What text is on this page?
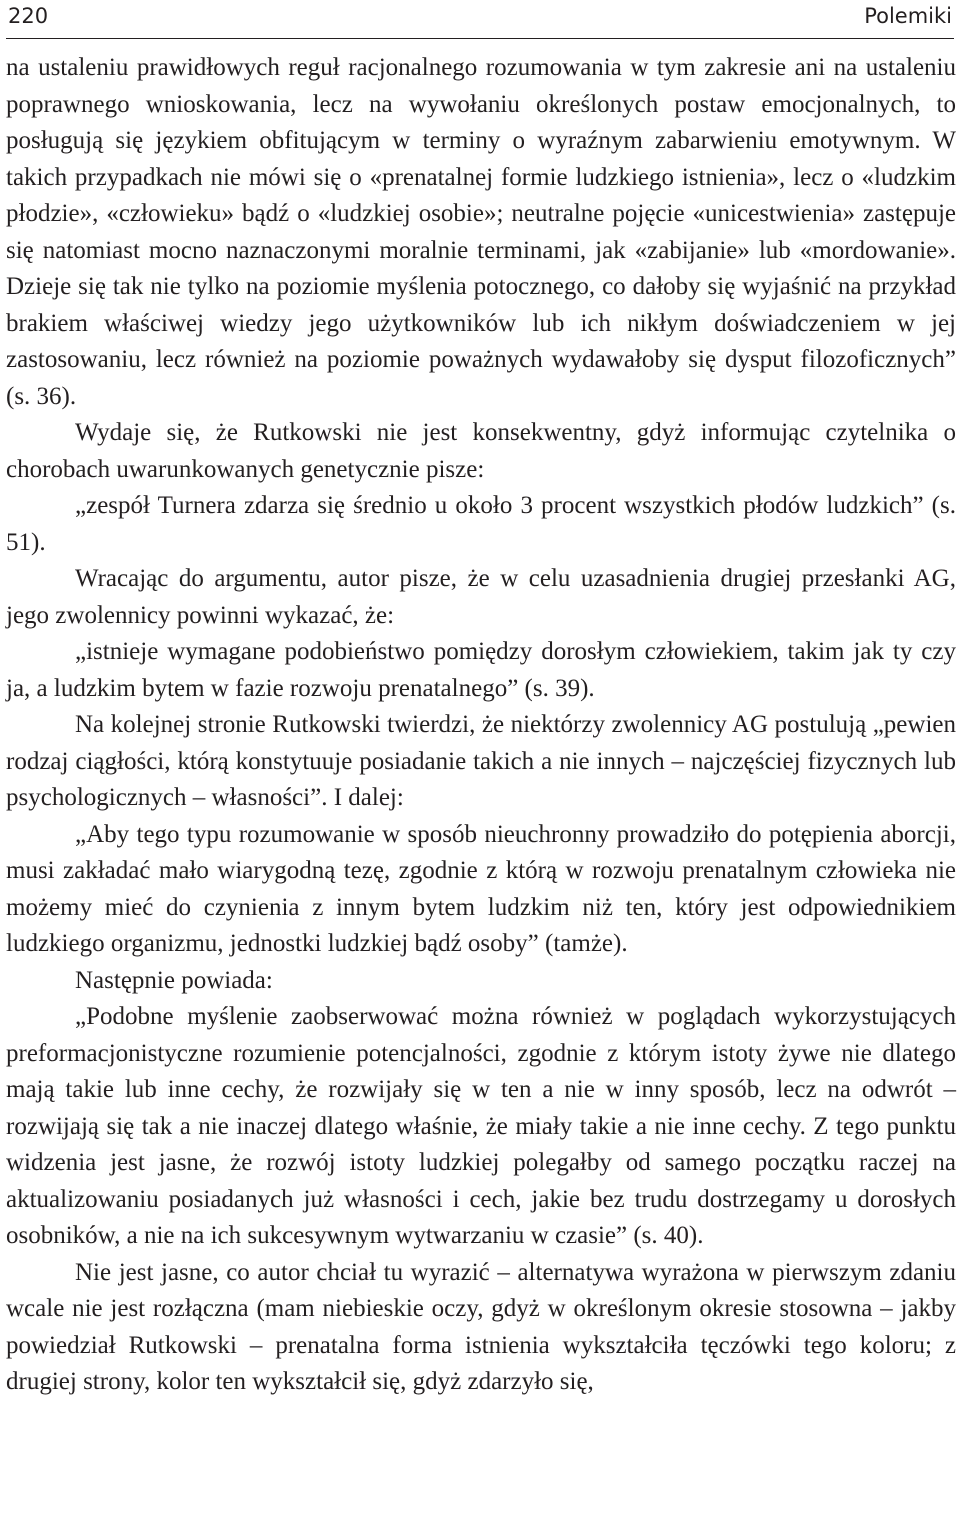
220	Polemiki

na ustaleniu prawidłowych reguł racjonalnego rozumowania w tym zakresie ani na ustaleniu poprawnego wnioskowania, lecz na wywołaniu określonych postaw emocjonalnych, to posługują się językiem obfitującym w terminy o wyraźnym zabarwieniu emotywnym. W takich przypadkach nie mówi się o «prenatalnej formie ludzkiego istnienia», lecz o «ludzkim płodzie», «człowieku» bądź o «ludzkiej osobie»; neutralne pojęcie «unicestwienia» zastępuje się natomiast mocno naznaczonymi moralnie terminami, jak «zabijanie» lub «mordowanie». Dzieje się tak nie tylko na poziomie myślenia potocznego, co dałoby się wyjaśnić na przykład brakiem właściwej wiedzy jego użytkowników lub ich nikłym doświadczeniem w jej zastosowaniu, lecz również na poziomie poważnych wydawałoby się dysput filozoficznych” (s. 36).

Wydaje się, że Rutkowski nie jest konsekwentny, gdyż informując czytelnika o chorobach uwarunkowanych genetycznie pisze:

„zespół Turnera zdarza się średnio u około 3 procent wszystkich płodów ludzkich” (s. 51).

Wracając do argumentu, autor pisze, że w celu uzasadnienia drugiej przesłanki AG, jego zwolennicy powinni wykazać, że:

„istnieje wymagane podobieństwo pomiędzy dorosłym człowiekiem, takim jak ty czy ja, a ludzkim bytem w fazie rozwoju prenatalnego” (s. 39).

Na kolejnej stronie Rutkowski twierdzi, że niektórzy zwolennicy AG postulują „pewien rodzaj ciągłości, którą konstytuuje posiadanie takich a nie innych – najczęściej fizycznych lub psychologicznych – własności”. I dalej:

„Aby tego typu rozumowanie w sposób nieuchronny prowadziło do potępienia aborcji, musi zakładać mało wiarygodną tezę, zgodnie z którą w rozwoju prenatalnym człowieka nie możemy mieć do czynienia z innym bytem ludzkim niż ten, który jest odpowiednikiem ludzkiego organizmu, jednostki ludzkiej bądź osoby” (tamże).

Następnie powiada:

„Podobne myślenie zaobserwować można również w poglądach wykorzystujących preformacjonistyczne rozumienie potencjalności, zgodnie z którym istoty żywe nie dlatego mają takie lub inne cechy, że rozwijały się w ten a nie w inny sposób, lecz na odwrót – rozwijają się tak a nie inaczej dlatego właśnie, że miały takie a nie inne cechy. Z tego punktu widzenia jest jasne, że rozwój istoty ludzkiej polegałby od samego początku raczej na aktualizowaniu posiadanych już własności i cech, jakie bez trudu dostrzegamy u dorosłych osobników, a nie na ich sukcesywnym wytwarzaniu w czasie” (s. 40).

Nie jest jasne, co autor chciał tu wyrazić – alternatywa wyrażona w pierwszym zdaniu wcale nie jest rozłączna (mam niebieskie oczy, gdyż w określonym okresie stosowna – jakby powiedział Rutkowski – prenatalna forma istnienia wykształciła tęczówki tego koloru; z drugiej strony, kolor ten wykształcił się, gdyż zdarzyło się,
